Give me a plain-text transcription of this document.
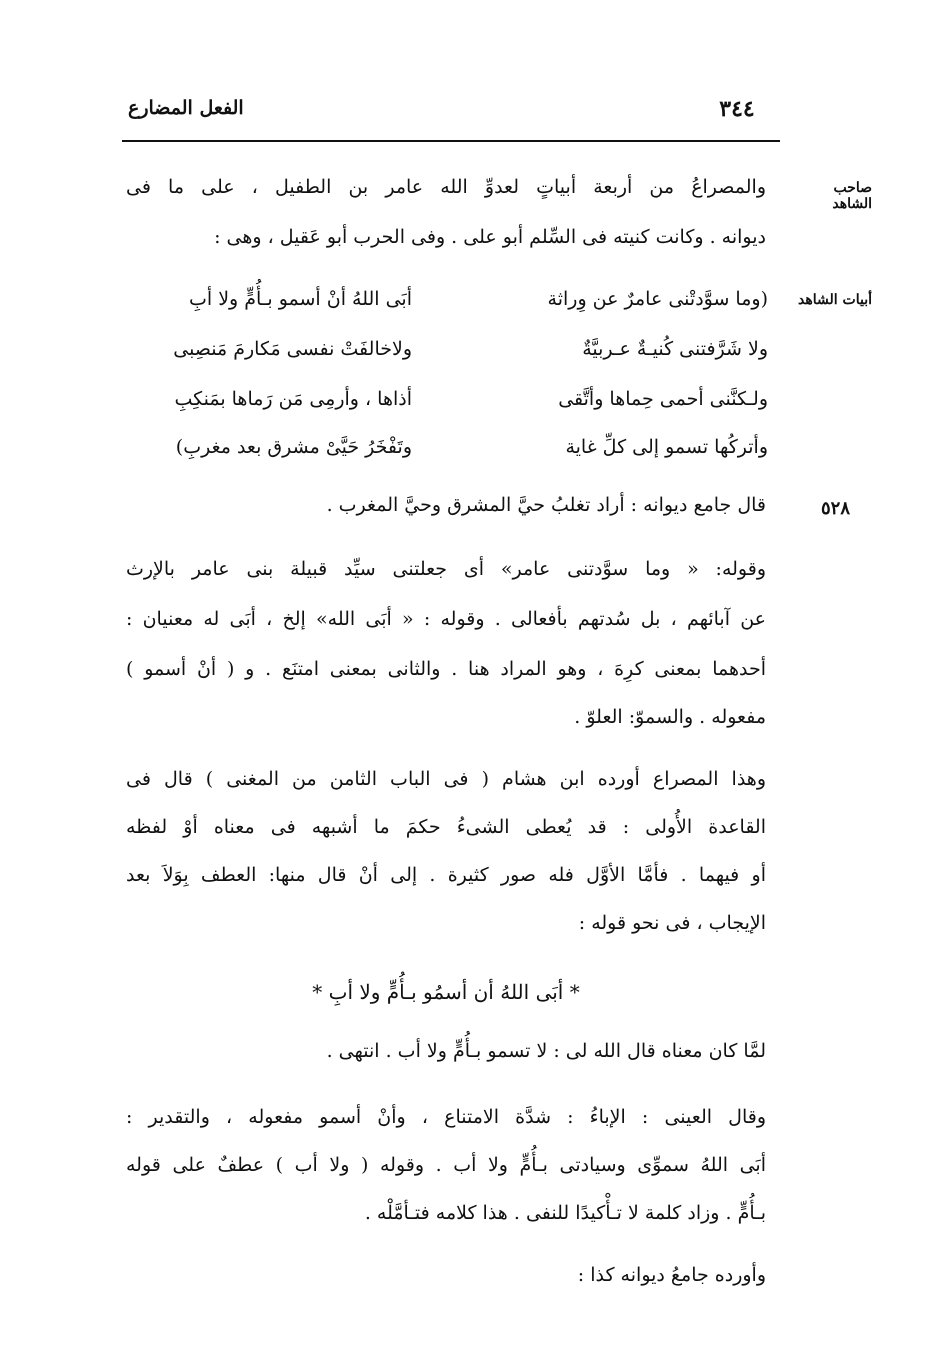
٣٤٤
الفعل المضارع
صاحب الشاهد
أبيات الشاهد
٥٢٨
والمصراعُ من أربعة أبياتٍ لعدوِّ الله عامر بن الطفيل ، على ما فى
ديوانه . وكانت كنيته فى السِّلم أبو على . وفى الحرب أبو عَقيل ، وهى :
(وما سوَّدتْنى عامرٌ عن وِراثة
أبَى اللهُ أنْ أسمو بـأُمٍّ ولا أبِ
ولا شَرَّفتنى كُنيـةٌ عـربيَّةٌ
ولاخالفَتْ نفسى مَكارمَ مَنصِبى
ولـكنَّنى أحمى حِماها وأتَّقى
أذاها ، وأرمِى مَن رَماها بمَنكِبِ
وأتركُها تسمو إلى كلِّ غاية
وتَفْخَرُ حَيَّىْ مشرق بعد مغربِ)
قال جامع ديوانه : أراد تغلبُ حيَّ المشرق وحيَّ المغرب .
وقوله: « وما سوَّدتنى عامر» أى جعلتنى سيِّد قبيلة بنى عامر بالإرث
عن آبائهم ، بل سُدتهم بأفعالى . وقوله : « أبَى الله» إلخ ، أبَى له معنيان :
أحدهما بمعنى كرِهَ ، وهو المراد هنا . والثانى بمعنى امتنَع . و ( أنْ أسمو )
مفعوله . والسموّ: العلوّ .
وهذا المصراع أورده ابن هشام ( فى الباب الثامن من المغنى ) قال فى
القاعدة الأُولى : قد يُعطى الشىءُ حكمَ ما أشبهه فى معناه أوْ لفظه
أو فيهما . فأمَّا الأوَّل فله صور كثيرة . إلى أنْ قال منها: العطف بِوَلاَ بعد
الإيجاب ، فى نحو قوله :
* أبَى اللهُ أن أسمُو بـأُمٍّ ولا أبِ *
لمَّا كان معناه قال الله لى : لا تسمو بـأُمٍّ ولا أب . انتهى .
وقال العينى : الإباءُ : شدَّة الامتناع ، وأنْ أسمو مفعوله ، والتقدير :
أبَى اللهُ سموِّى وسيادتى بـأُمٍّ ولا أب . وقوله ( ولا أب ) عطفٌ على قوله
بـأُمٍّ . وزاد كلمة لا تـأْكيدًا للنفى . هذا كلامه فتـأمَّلْه .
وأورده جامعُ ديوانه كذا :
